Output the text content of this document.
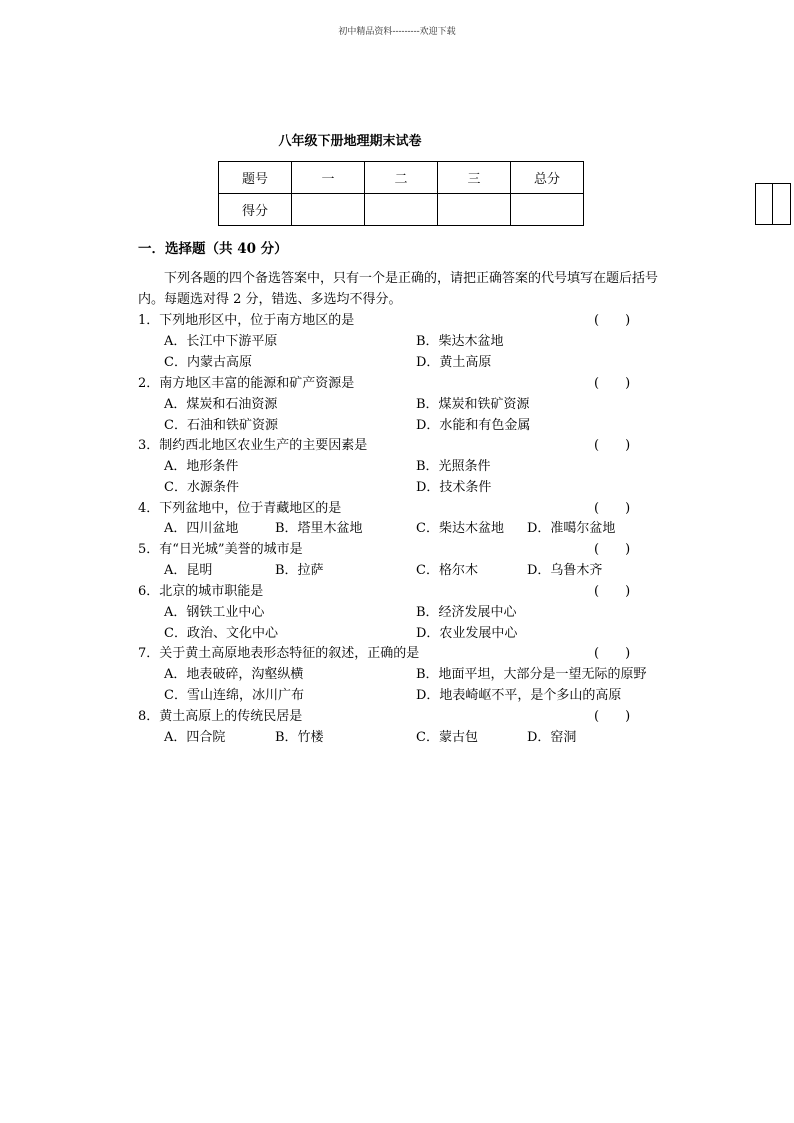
初中精品资料---------欢迎下载
八年级下册地理期末试卷
题号	一	二	三	总分
得分				
一．选择题（共 40 分）
下列各题的四个备选答案中，只有一个是正确的，请把正确答案的代号填写在题后括号内。每题选对得 2 分，错选、多选均不得分。
1．下列地形区中，位于南方地区的是	(　　)
A．长江中下游平原	B．柴达木盆地
C．内蒙古高原	D．黄土高原
2．南方地区丰富的能源和矿产资源是	(　　)
A．煤炭和石油资源	B．煤炭和铁矿资源
C．石油和铁矿资源	D．水能和有色金属
3．制约西北地区农业生产的主要因素是	(　　)
A．地形条件	B．光照条件
C．水源条件	D．技术条件
4．下列盆地中，位于青藏地区的是	(　　)
A．四川盆地	B．塔里木盆地	C．柴达木盆地 D．准噶尔盆地
5．有“日光城”美誉的城市是	(　　)
A．昆明	B．拉萨	C．格尔木	D．乌鲁木齐
6．北京的城市职能是	(　　)
A．钢铁工业中心	B．经济发展中心
C．政治、文化中心	D．农业发展中心
7．关于黄土高原地表形态特征的叙述，正确的是	(　　)
A．地表破碎，沟壑纵横	B．地面平坦，大部分是一望无际的原野
C．雪山连绵，冰川广布	D．地表崎岖不平，是个多山的高原
8．黄土高原上的传统民居是	(　　)
A．四合院	B．竹楼	C．蒙古包	D．窑洞
